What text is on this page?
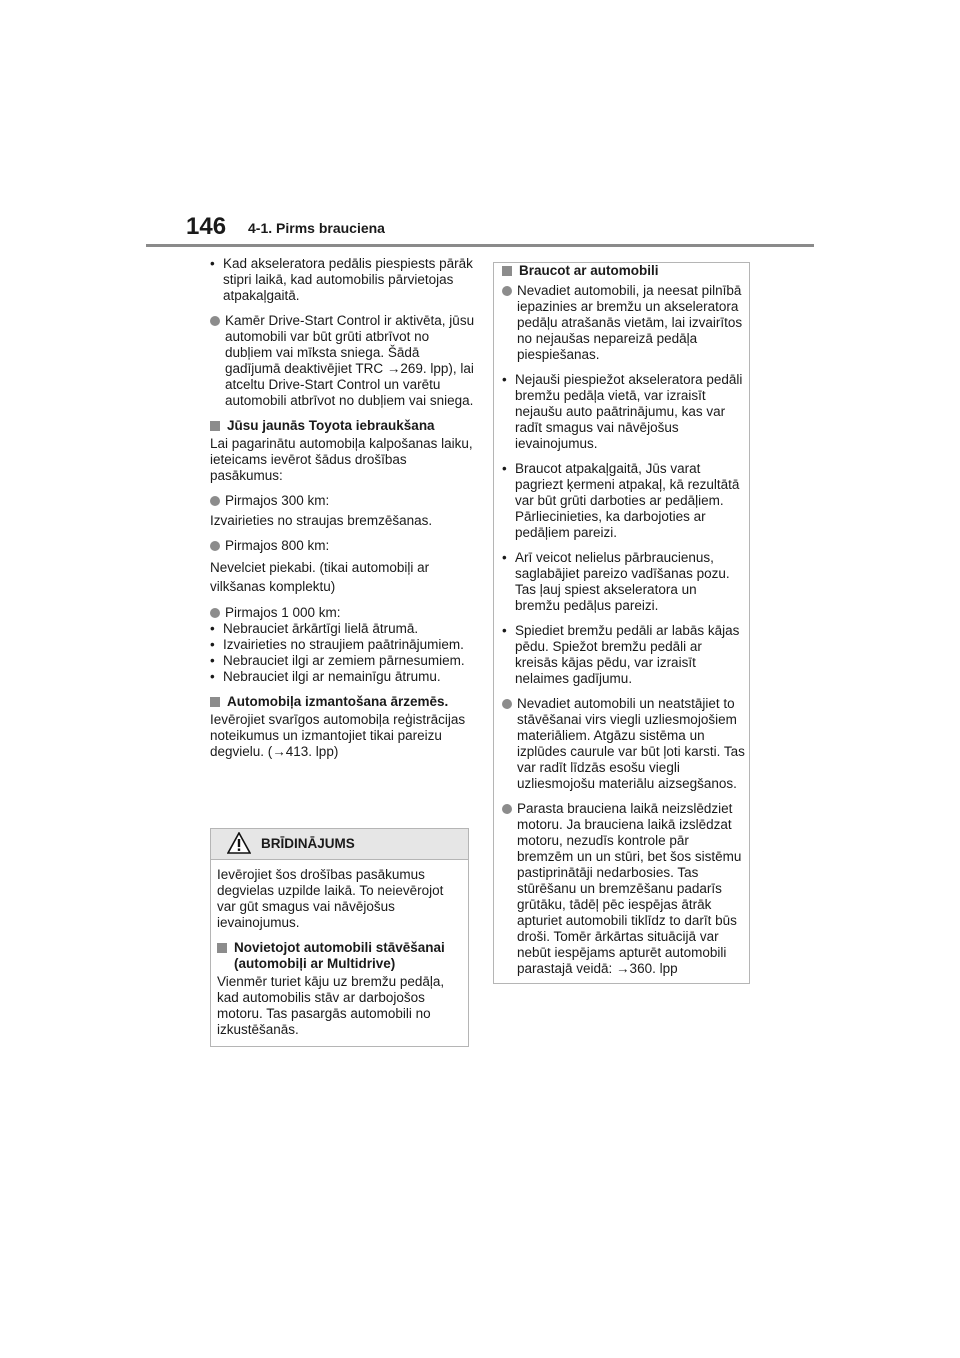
146 4-1. Pirms brauciena
• Kad akseleratora pedālis piespiests pārāk stipri laikā, kad automobilis pārvietojas atpakaļgaitā.
Kamēr Drive-Start Control ir aktivēta, jūsu automobili var būt grūti atbrīvot no dubļiem vai mīksta sniega. Šādā gadījumā deaktivējiet TRC →269. lpp), lai atceltu Drive-Start Control un varētu automobili atbrīvot no dubļiem vai sniega.
Jūsu jaunās Toyota iebraukšana
Lai pagarinātu automobiļa kalpošanas laiku, ieteicams ievērot šādus drošības pasākumus:
Pirmajos 300 km:
Izvairieties no straujas bremzēšanas.
Pirmajos 800 km:
Nevelciet piekabi. (tikai automobiļi ar vilkšanas komplektu)
Pirmajos 1 000 km:
• Nebrauciet ārkārtīgi lielā ātrumā.
• Izvairieties no straujiem paātrinājumiem.
• Nebrauciet ilgi ar zemiem pārnesumiem.
• Nebrauciet ilgi ar nemainīgu ātrumu.
Automobiļa izmantošana ārzemēs.
Ievērojiet svarīgos automobiļa reģistrācijas noteikumus un izmantojiet tikai pareizu degvielu. (→413. lpp)
BRĪDINĀJUMS
Ievērojiet šos drošības pasākumus degvielas uzpilde laikā. To neievērojot var gūt smagus vai nāvējošus ievainojumus.
Novietojot automobili stāvēšanai (automobiļi ar Multidrive)
Vienmēr turiet kāju uz bremžu pedāļa, kad automobilis stāv ar darbojošos motoru. Tas pasargās automobili no izkustēšanās.
Braucot ar automobili
Nevadiet automobili, ja neesat pilnībā iepazinies ar bremžu un akseleratora pedāļu atrašanās vietām, lai izvairītos no nejaušas nepareizā pedāļa piespiešanas.
• Nejauši piespiežot akseleratora pedāli bremžu pedāļa vietā, var izraisīt nejaušu auto paātrinājumu, kas var radīt smagus vai nāvējošus ievainojumus.
• Braucot atpakaļgaitā, Jūs varat pagriezt ķermeni atpakaļ, kā rezultātā var būt grūti darboties ar pedāļiem. Pārliecinieties, ka darbojoties ar pedāļiem pareizi.
• Arī veicot nelielus pārbraucienus, saglabājiet pareizo vadīšanas pozu. Tas ļauj spiest akseleratora un bremžu pedāļus pareizi.
• Spiediet bremžu pedāli ar labās kājas pēdu. Spiežot bremžu pedāli ar kreisās kājas pēdu, var izraisīt nelaimes gadījumu.
Nevadiet automobili un neatstājiet to stāvēšanai virs viegli uzliesmojošiem materiāliem. Atgāzu sistēma un izplūdes caurule var būt ļoti karsti. Tas var radīt līdzās esošu viegli uzliesmojošu materiālu aizsegšanos.
Parasta brauciena laikā neizslēdziet motoru. Ja brauciena laikā izslēdzat motoru, nezudīs kontrole pār bremzēm un un stūri, bet šos sistēmu pastiprinātāji nedarbosies. Tas stūrēšanu un bremzēšanu padarīs grūtāku, tādēļ pēc iespējas ātrāk apturiet automobili tiklīdz to darīt būs droši. Tomēr ārkārtas situācijā var nebūt iespējams apturēt automobili parastajā veidā: →360. lpp
